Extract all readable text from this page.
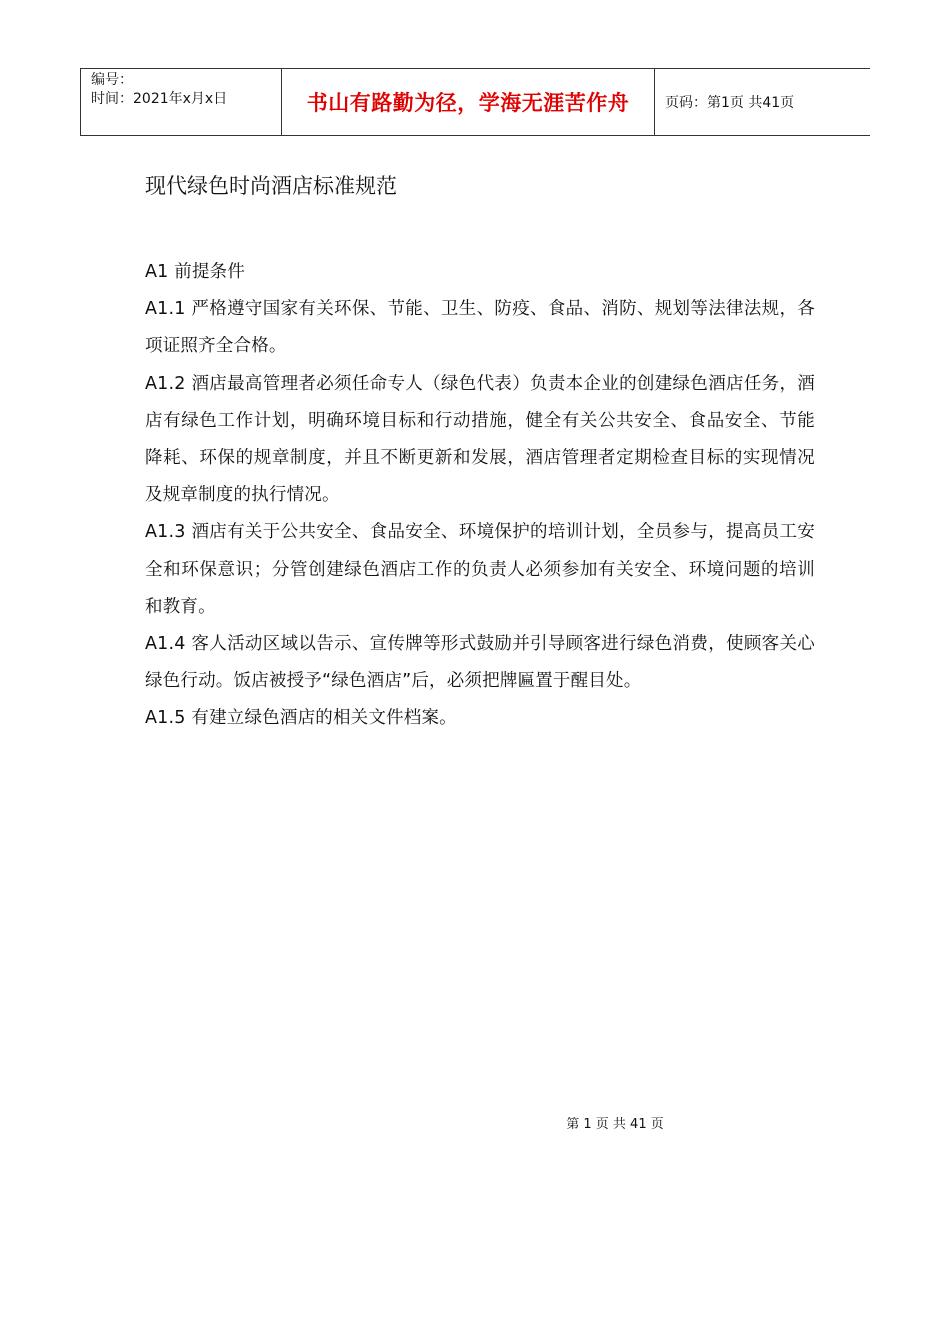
编号：
时间：2021年x月x日	书山有路勤为径，学海无涯苦作舟	页码：第1页 共41页
现代绿色时尚酒店标准规范

A1 前提条件

A1.1 严格遵守国家有关环保、节能、卫生、防疫、食品、消防、规划等法律法规，各项证照齐全合格。

A1.2 酒店最高管理者必须任命专人（绿色代表）负责本企业的创建绿色酒店任务，酒店有绿色工作计划，明确环境目标和行动措施，健全有关公共安全、食品安全、节能降耗、环保的规章制度，并且不断更新和发展，酒店管理者定期检查目标的实现情况及规章制度的执行情况。

A1.3 酒店有关于公共安全、食品安全、环境保护的培训计划，全员参与，提高员工安全和环保意识；分管创建绿色酒店工作的负责人必须参加有关安全、环境问题的培训和教育。

A1.4 客人活动区域以告示、宣传牌等形式鼓励并引导顾客进行绿色消费，使顾客关心绿色行动。饭店被授予“绿色酒店”后，必须把牌匾置于醒目处。

A1.5 有建立绿色酒店的相关文件档案。

第 1 页 共 41 页
